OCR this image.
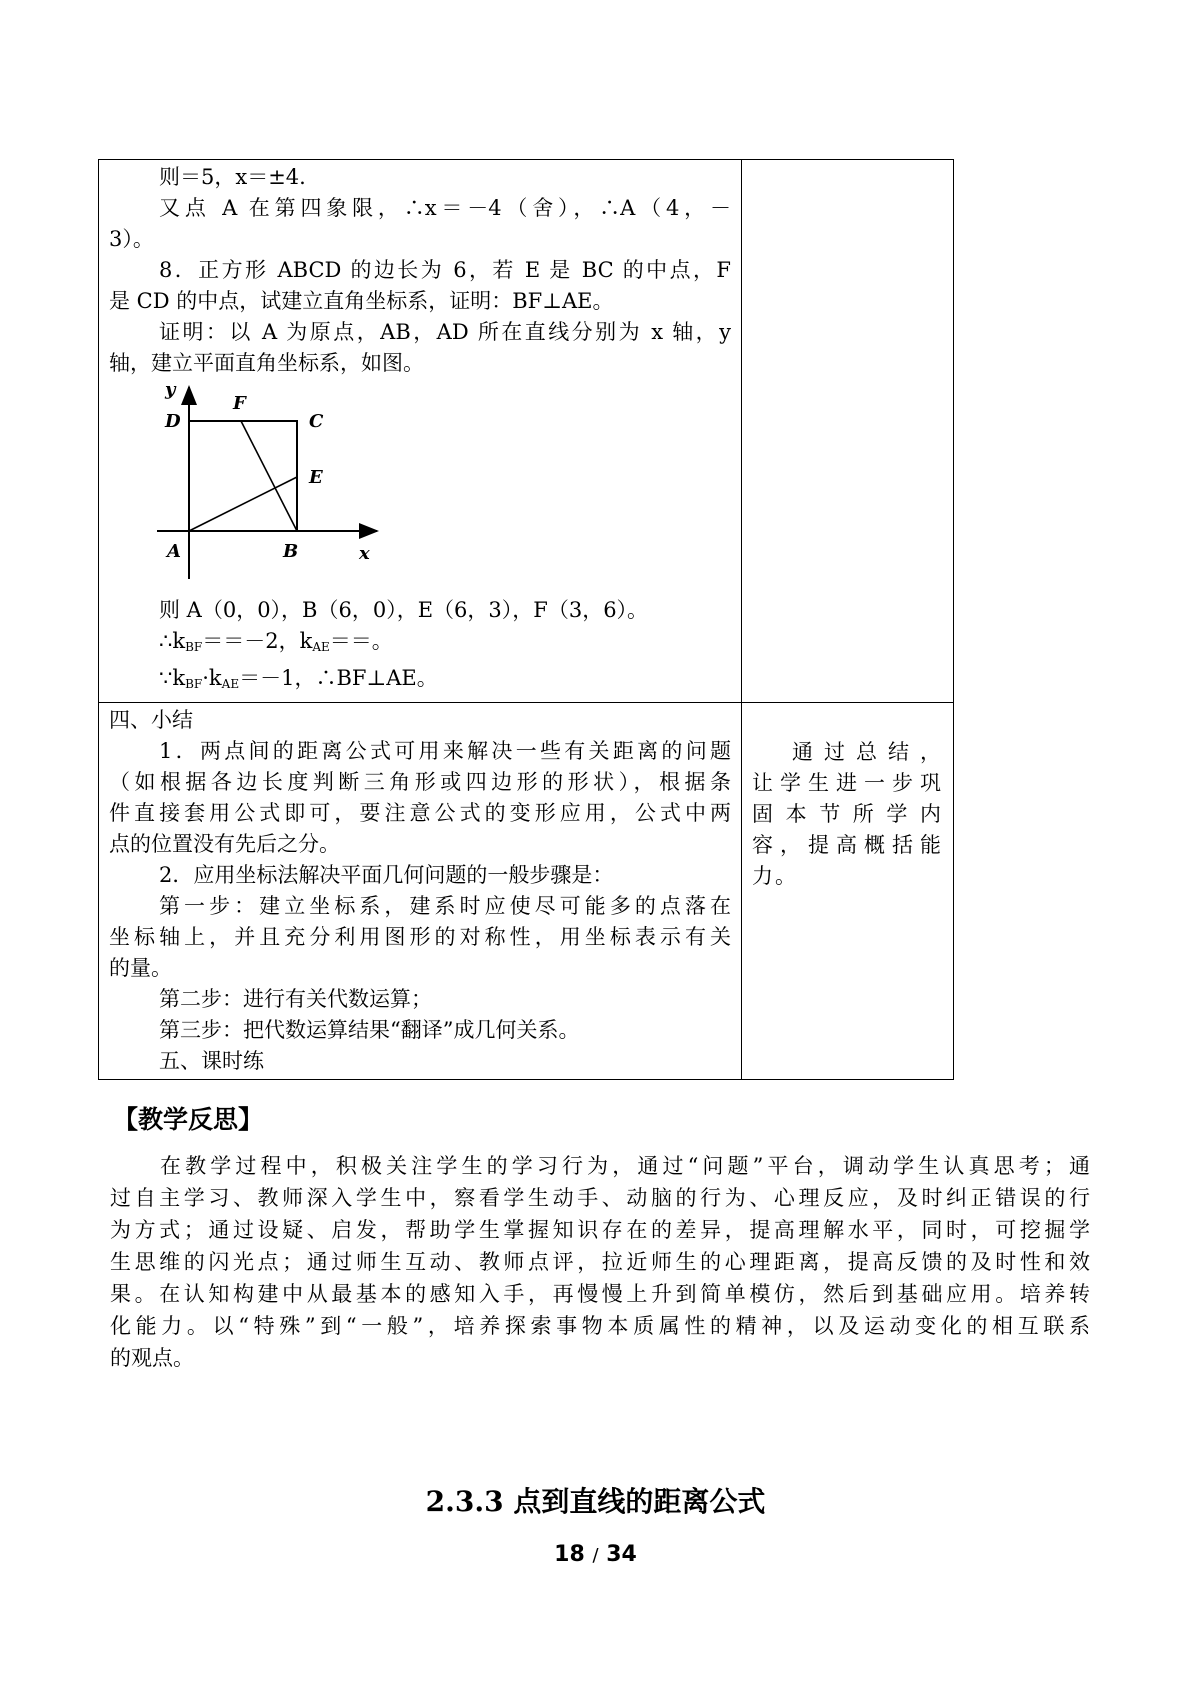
则＝5，x＝±4.
又点 A 在第四象限，∴x＝－4（舍），∴A（4，－
3）。
8．正方形 ABCD 的边长为 6，若 E 是 BC 的中点，F
是 CD 的中点，试建立直角坐标系，证明：BF⊥AE。
证明：以 A 为原点，AB，AD 所在直线分别为 x 轴，y
轴，建立平面直角坐标系，如图。
y
D
F
C
E
A	B	x
则 A（0，0），B（6，0），E（6，3），F（3，6）。
$\therefore k_{BF}==-2$，$k_{AE}==$。
$\because k_{BF}\cdot k_{AE}=-1$，∴BF⊥AE。
四、小结
1．两点间的距离公式可用来解决一些有关距离的问题
（如根据各边长度判断三角形或四边形的形状），根据条
件直接套用公式即可，要注意公式的变形应用，公式中两
点的位置没有先后之分。
2．应用坐标法解决平面几何问题的一般步骤是：
第一步：建立坐标系，建系时应使尽可能多的点落在
坐标轴上，并且充分利用图形的对称性，用坐标表示有关
的量。
第二步：进行有关代数运算；
第三步：把代数运算结果“翻译”成几何关系。
五、课时练
通过总结，
让学生进一步巩
固本节所学内
容，提高概括能
力。
【教学反思】
在教学过程中，积极关注学生的学习行为，通过“问题”平台，调动学生认真思考；通
过自主学习、教师深入学生中，察看学生动手、动脑的行为、心理反应，及时纠正错误的行
为方式；通过设疑、启发，帮助学生掌握知识存在的差异，提高理解水平，同时，可挖掘学
生思维的闪光点；通过师生互动、教师点评，拉近师生的心理距离，提高反馈的及时性和效
果。在认知构建中从最基本的感知入手，再慢慢上升到简单模仿，然后到基础应用。培养转
化能力。以“特殊”到“一般”，培养探索事物本质属性的精神，以及运动变化的相互联系
的观点。
2.3.3 点到直线的距离公式
18 / 34
